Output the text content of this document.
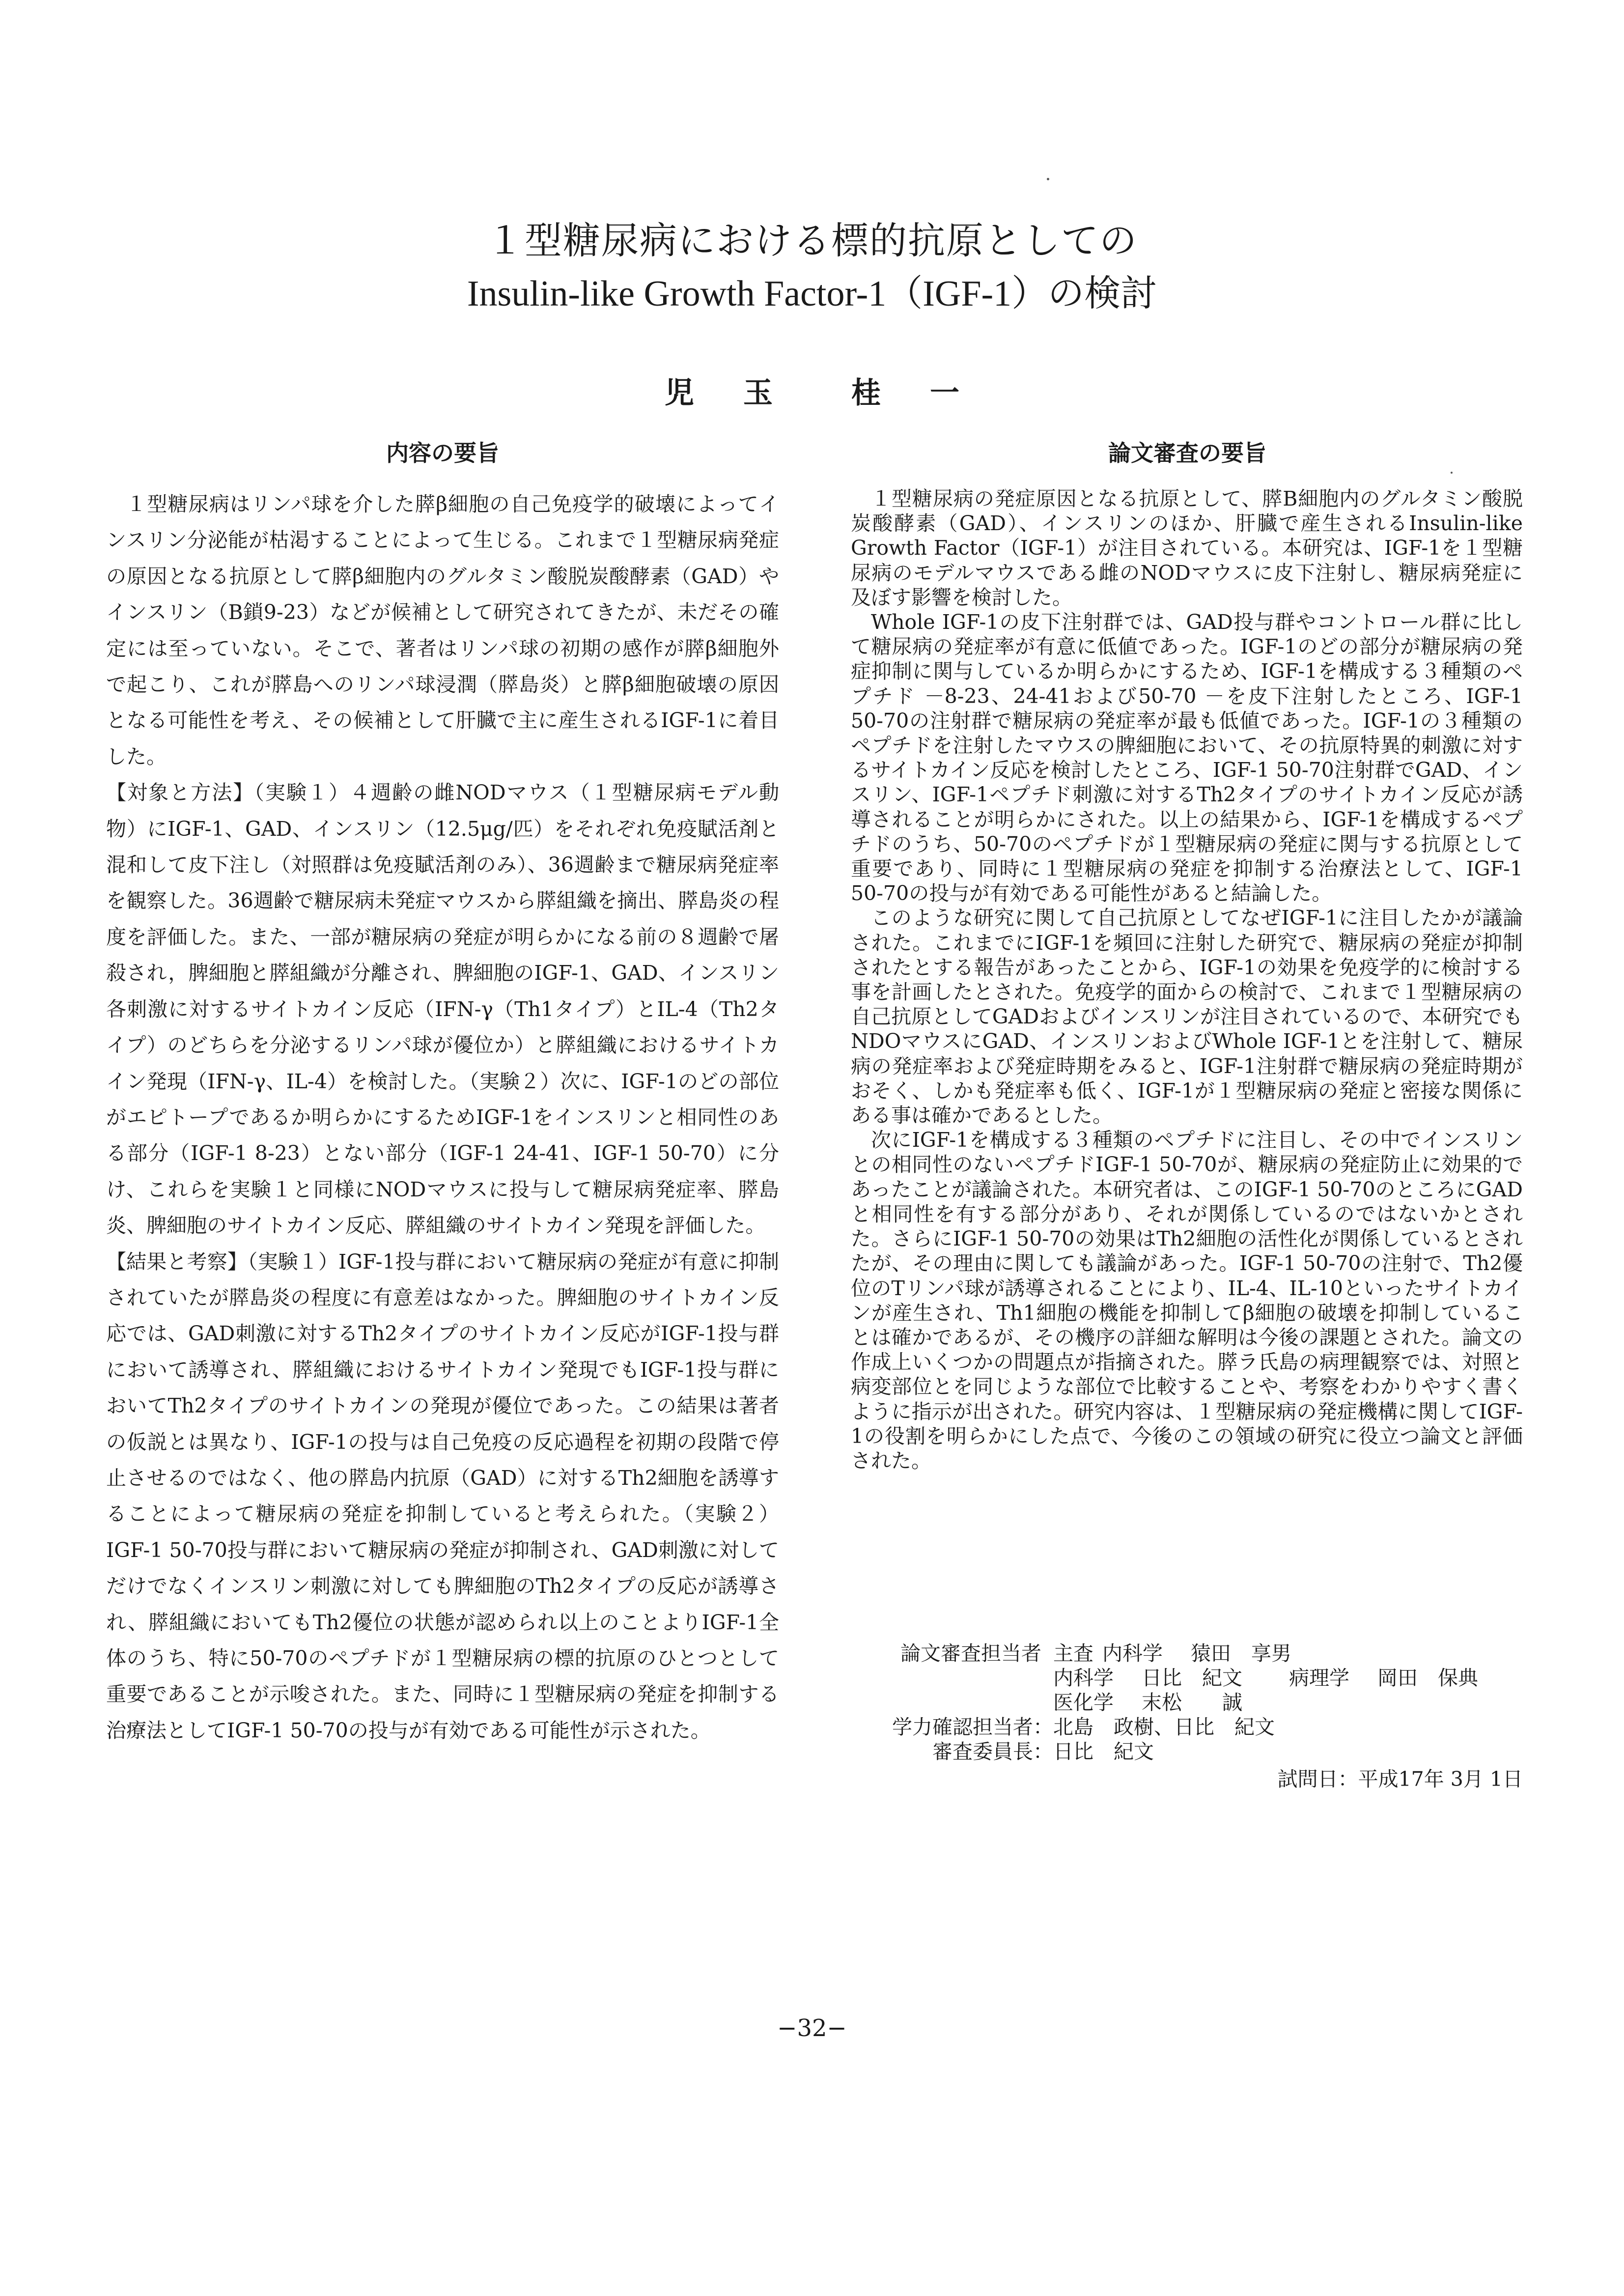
１型糖尿病における標的抗原としての
Insulin-like Growth Factor-1（IGF-1）の検討
児 玉	桂 一
内容の要旨	論文審査の要旨

１型糖尿病はリンパ球を介した膵β細胞の自己免疫学的破壊によってインスリン分泌能が枯渇することによって生じる。これまで１型糖尿病発症の原因となる抗原として膵β細胞内のグルタミン酸脱炭酸酵素（GAD）やインスリン（B鎖9-23）などが候補として研究されてきたが、未だその確定には至っていない。そこで、著者はリンパ球の初期の感作が膵β細胞外で起こり、これが膵島へのリンパ球浸潤（膵島炎）と膵β細胞破壊の原因となる可能性を考え、その候補として肝臓で主に産生されるIGF-1に着目した。

【対象と方法】（実験１）４週齢の雌NODマウス（１型糖尿病モデル動物）にIGF-1、GAD、インスリン（12.5μg/匹）をそれぞれ免疫賦活剤と混和して皮下注し（対照群は免疫賦活剤のみ）、36週齢まで糖尿病発症率を観察した。36週齢で糖尿病未発症マウスから膵組織を摘出、膵島炎の程度を評価した。また、一部が糖尿病の発症が明らかになる前の８週齢で屠殺され，脾細胞と膵組織が分離され、脾細胞のIGF-1、GAD、インスリン各刺激に対するサイトカイン反応（IFN-γ（Th1タイプ）とIL-4（Th2タイプ）のどちらを分泌するリンパ球が優位か）と膵組織におけるサイトカイン発現（IFN-γ、IL-4）を検討した。（実験２）次に、IGF-1のどの部位がエピトープであるか明らかにするためIGF-1をインスリンと相同性のある部分（IGF-1 8-23）とない部分（IGF-1 24-41、IGF-1 50-70）に分け、これらを実験１と同様にNODマウスに投与して糖尿病発症率、膵島炎、脾細胞のサイトカイン反応、膵組織のサイトカイン発現を評価した。

【結果と考察】（実験１）IGF-1投与群において糖尿病の発症が有意に抑制されていたが膵島炎の程度に有意差はなかった。脾細胞のサイトカイン反応では、GAD刺激に対するTh2タイプのサイトカイン反応がIGF-1投与群において誘導され、膵組織におけるサイトカイン発現でもIGF-1投与群においてTh2タイプのサイトカインの発現が優位であった。この結果は著者の仮説とは異なり、IGF-1の投与は自己免疫の反応過程を初期の段階で停止させるのではなく、他の膵島内抗原（GAD）に対するTh2細胞を誘導することによって糖尿病の発症を抑制していると考えられた。（実験２）IGF-1 50-70投与群において糖尿病の発症が抑制され、GAD刺激に対してだけでなくインスリン刺激に対しても脾細胞のTh2タイプの反応が誘導され、膵組織においてもTh2優位の状態が認められ以上のことよりIGF-1全体のうち、特に50-70のペプチドが１型糖尿病の標的抗原のひとつとして重要であることが示唆された。また、同時に１型糖尿病の発症を抑制する治療法としてIGF-1 50-70の投与が有効である可能性が示された。

１型糖尿病の発症原因となる抗原として、膵B細胞内のグルタミン酸脱炭酸酵素（GAD）、インスリンのほか、肝臓で産生されるInsulin-like Growth Factor（IGF-1）が注目されている。本研究は、IGF-1を１型糖尿病のモデルマウスである雌のNODマウスに皮下注射し、糖尿病発症に及ぼす影響を検討した。

Whole IGF-1の皮下注射群では、GAD投与群やコントロール群に比して糖尿病の発症率が有意に低値であった。IGF-1のどの部分が糖尿病の発症抑制に関与しているか明らかにするため、IGF-1を構成する３種類のペプチド －8-23、24-41および50-70 －を皮下注射したところ、IGF-1 50-70の注射群で糖尿病の発症率が最も低値であった。IGF-1の３種類のペプチドを注射したマウスの脾細胞において、その抗原特異的刺激に対するサイトカイン反応を検討したところ、IGF-1 50-70注射群でGAD、インスリン、IGF-1ペプチド刺激に対するTh2タイプのサイトカイン反応が誘導されることが明らかにされた。以上の結果から、IGF-1を構成するペプチドのうち、50-70のペプチドが１型糖尿病の発症に関与する抗原として重要であり、同時に１型糖尿病の発症を抑制する治療法として、IGF-1 50-70の投与が有効である可能性があると結論した。

このような研究に関して自己抗原としてなぜIGF-1に注目したかが議論された。これまでにIGF-1を頻回に注射した研究で、糖尿病の発症が抑制されたとする報告があったことから、IGF-1の効果を免疫学的に検討する事を計画したとされた。免疫学的面からの検討で、これまで１型糖尿病の自己抗原としてGADおよびインスリンが注目されているので、本研究でもNDOマウスにGAD、インスリンおよびWhole IGF-1とを注射して、糖尿病の発症率および発症時期をみると、IGF-1注射群で糖尿病の発症時期がおそく、しかも発症率も低く、IGF-1が１型糖尿病の発症と密接な関係にある事は確かであるとした。

次にIGF-1を構成する３種類のペプチドに注目し、その中でインスリンとの相同性のないペプチドIGF-1 50-70が、糖尿病の発症防止に効果的であったことが議論された。本研究者は、このIGF-1 50-70のところにGADと相同性を有する部分があり、それが関係しているのではないかとされた。さらにIGF-1 50-70の効果はTh2細胞の活性化が関係しているとされたが、その理由に関しても議論があった。IGF-1 50-70の注射で、Th2優位のTリンパ球が誘導されることにより、IL-4、IL-10といったサイトカインが産生され、Th1細胞の機能を抑制してβ細胞の破壊を抑制していることは確かであるが、その機序の詳細な解明は今後の課題とされた。論文の作成上いくつかの問題点が指摘された。膵ラ氏島の病理観察では、対照と病変部位とを同じような部位で比較することや、考察をわかりやすく書くように指示が出された。研究内容は、１型糖尿病の発症機構に関してIGF-1の役割を明らかにした点で、今後のこの領域の研究に役立つ論文と評価された。

論文審査担当者 主査 内科学	猿田　享男
内科学	日比　紀文	病理学	岡田　保典
医化学	末松　　誠
学力確認担当者： 北島　政樹、日比　紀文
審査委員長： 日比　紀文
試問日：平成17年 3月 1日
−32−
